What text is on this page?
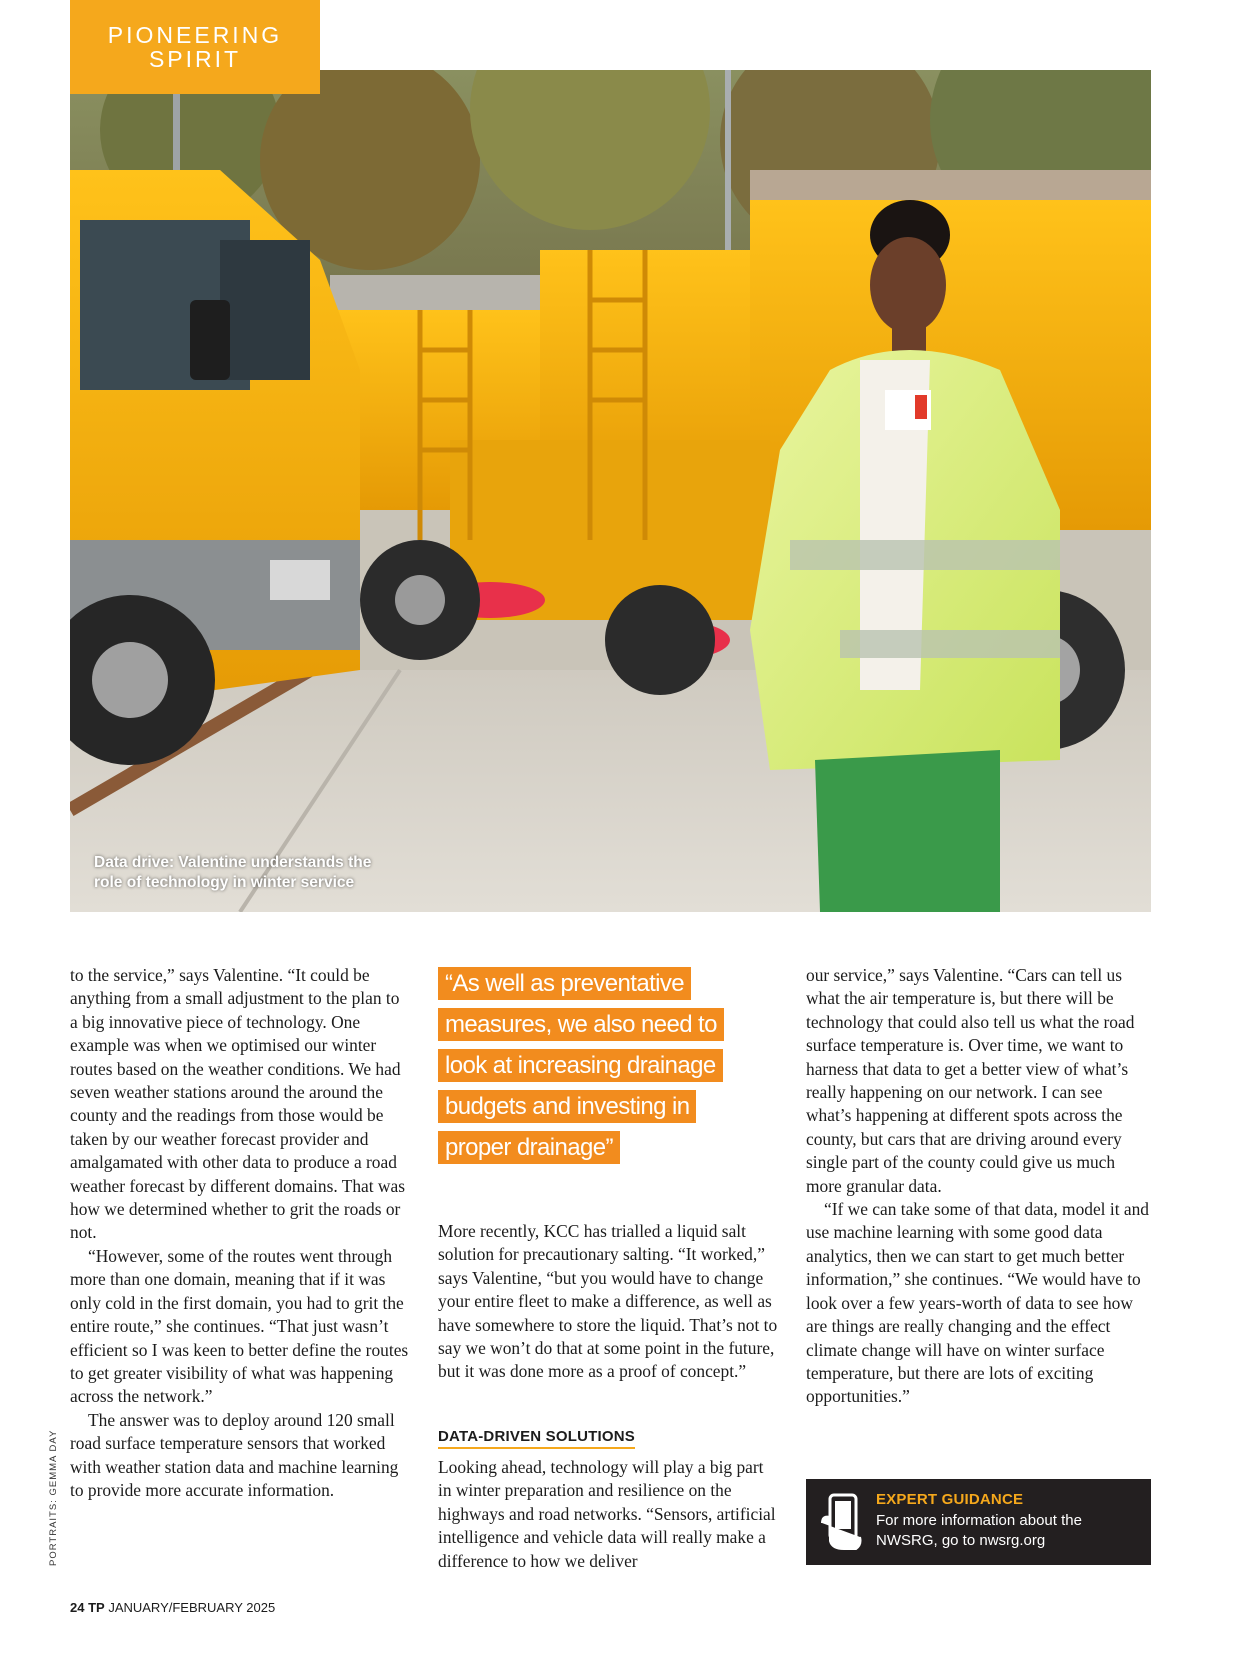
PIONEERING SPIRIT
Data drive: Valentine understands the role of technology in winter service

to the service,” says Valentine. “It could be anything from a small adjustment to the plan to a big innovative piece of technology. One example was when we optimised our winter routes based on the weather conditions. We had seven weather stations around the around the county and the readings from those would be taken by our weather forecast provider and amalgamated with other data to produce a road weather forecast by different domains. That was how we determined whether to grit the roads or not.

“However, some of the routes went through more than one domain, meaning that if it was only cold in the first domain, you had to grit the entire route,” she continues. “That just wasn’t efficient so I was keen to better define the routes to get greater visibility of what was happening across the network.”

The answer was to deploy around 120 small road surface temperature sensors that worked with weather station data and machine learning to provide more accurate information.

“As well as preventative measures, we also need to look at increasing drainage budgets and investing in proper drainage”

More recently, KCC has trialled a liquid salt solution for precautionary salting. “It worked,” says Valentine, “but you would have to change your entire fleet to make a difference, as well as have somewhere to store the liquid. That’s not to say we won’t do that at some point in the future, but it was done more as a proof of concept.”

DATA-DRIVEN SOLUTIONS

Looking ahead, technology will play a big part in winter preparation and resilience on the highways and road networks. “Sensors, artificial intelligence and vehicle data will really make a difference to how we deliver

our service,” says Valentine. “Cars can tell us what the air temperature is, but there will be technology that could also tell us what the road surface temperature is. Over time, we want to harness that data to get a better view of what’s really happening on our network. I can see what’s happening at different spots across the county, but cars that are driving around every single part of the county could give us much more granular data.

“If we can take some of that data, model it and use machine learning with some good data analytics, then we can start to get much better information,” she continues. “We would have to look over a few years-worth of data to see how are things are really changing and the effect climate change will have on winter surface temperature, but there are lots of exciting opportunities.”

PORTRAITS: GEMMA DAY	EXPERT GUIDANCE
For more information about the NWSRG, go to nwsrg.org
24 TP JANUARY/FEBRUARY 2025
